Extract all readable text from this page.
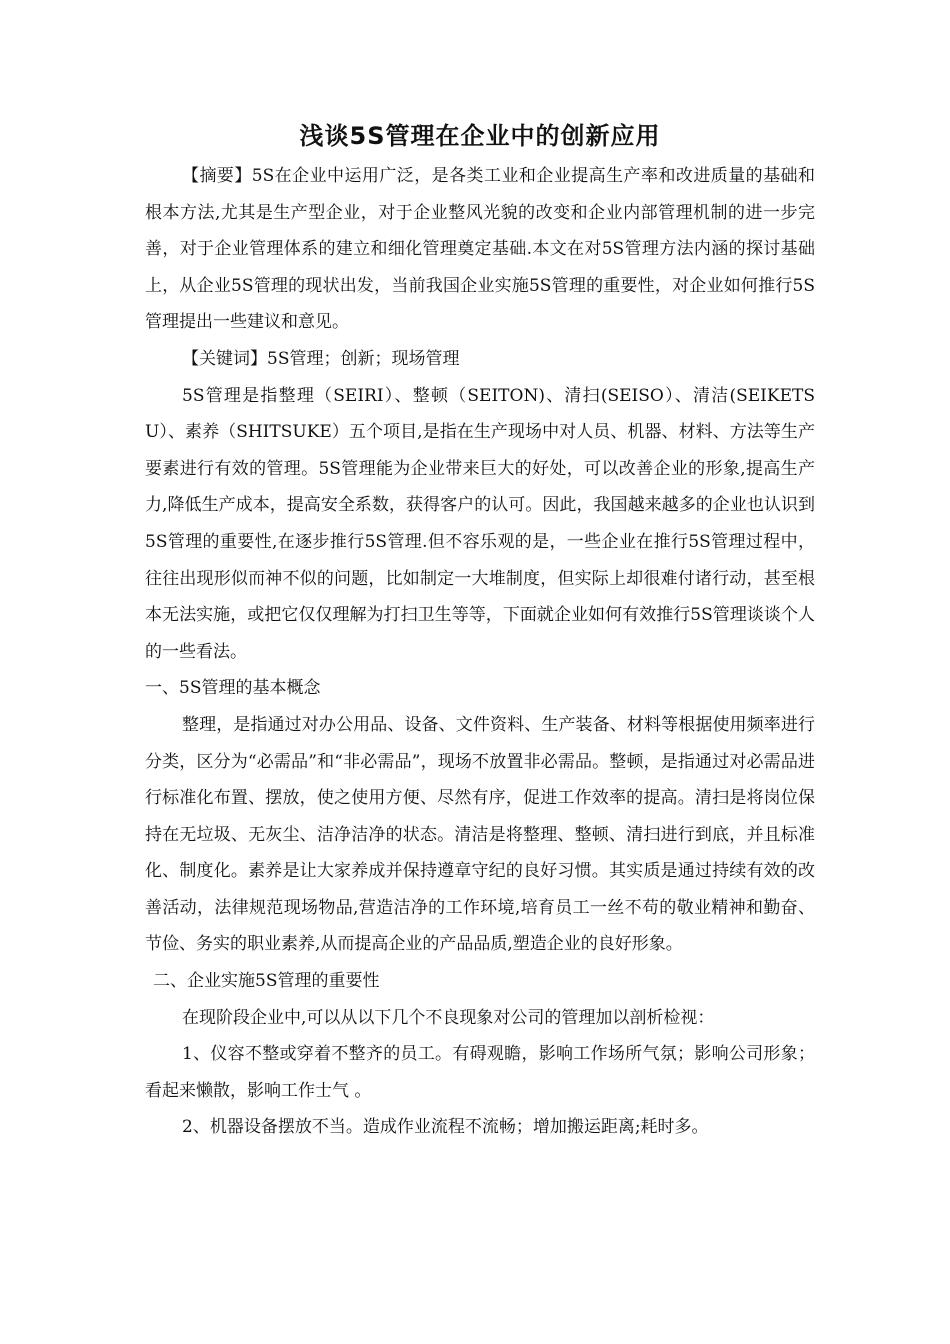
浅谈5S管理在企业中的创新应用

【摘要】5S在企业中运用广泛，是各类工业和企业提高生产率和改进质量的基础和根本方法,尤其是生产型企业，对于企业整风光貌的改变和企业内部管理机制的进一步完善，对于企业管理体系的建立和细化管理奠定基础.本文在对5S管理方法内涵的探讨基础上，从企业5S管理的现状出发，当前我国企业实施5S管理的重要性，对企业如何推行5S管理提出一些建议和意见。

【关键词】5S管理；创新；现场管理

5S管理是指整理（SEIRI）、整顿（SEITON)、清扫(SEISO）、清洁(SEIKETSU）、素养（SHITSUKE）五个项目,是指在生产现场中对人员、机器、材料、方法等生产要素进行有效的管理。5S管理能为企业带来巨大的好处，可以改善企业的形象,提高生产力,降低生产成本，提高安全系数，获得客户的认可。因此，我国越来越多的企业也认识到5S管理的重要性,在逐步推行5S管理.但不容乐观的是，一些企业在推行5S管理过程中，往往出现形似而神不似的问题，比如制定一大堆制度，但实际上却很难付诸行动，甚至根本无法实施，或把它仅仅理解为打扫卫生等等，下面就企业如何有效推行5S管理谈谈个人的一些看法。

一、5S管理的基本概念

整理，是指通过对办公用品、设备、文件资料、生产装备、材料等根据使用频率进行分类，区分为“必需品”和“非必需品”，现场不放置非必需品。整顿，是指通过对必需品进行标准化布置、摆放，使之使用方便、尽然有序，促进工作效率的提高。清扫是将岗位保持在无垃圾、无灰尘、洁净洁净的状态。清洁是将整理、整顿、清扫进行到底，并且标准化、制度化。素养是让大家养成并保持遵章守纪的良好习惯。其实质是通过持续有效的改善活动，法律规范现场物品,营造洁净的工作环境,培育员工一丝不苟的敬业精神和勤奋、节俭、务实的职业素养,从而提高企业的产品品质,塑造企业的良好形象。

二、企业实施5S管理的重要性

在现阶段企业中,可以从以下几个不良现象对公司的管理加以剖析检视：

1、仪容不整或穿着不整齐的员工。有碍观瞻，影响工作场所气氛；影响公司形象；看起来懒散，影响工作士气 。

2、机器设备摆放不当。造成作业流程不流畅；增加搬运距离;耗时多。
